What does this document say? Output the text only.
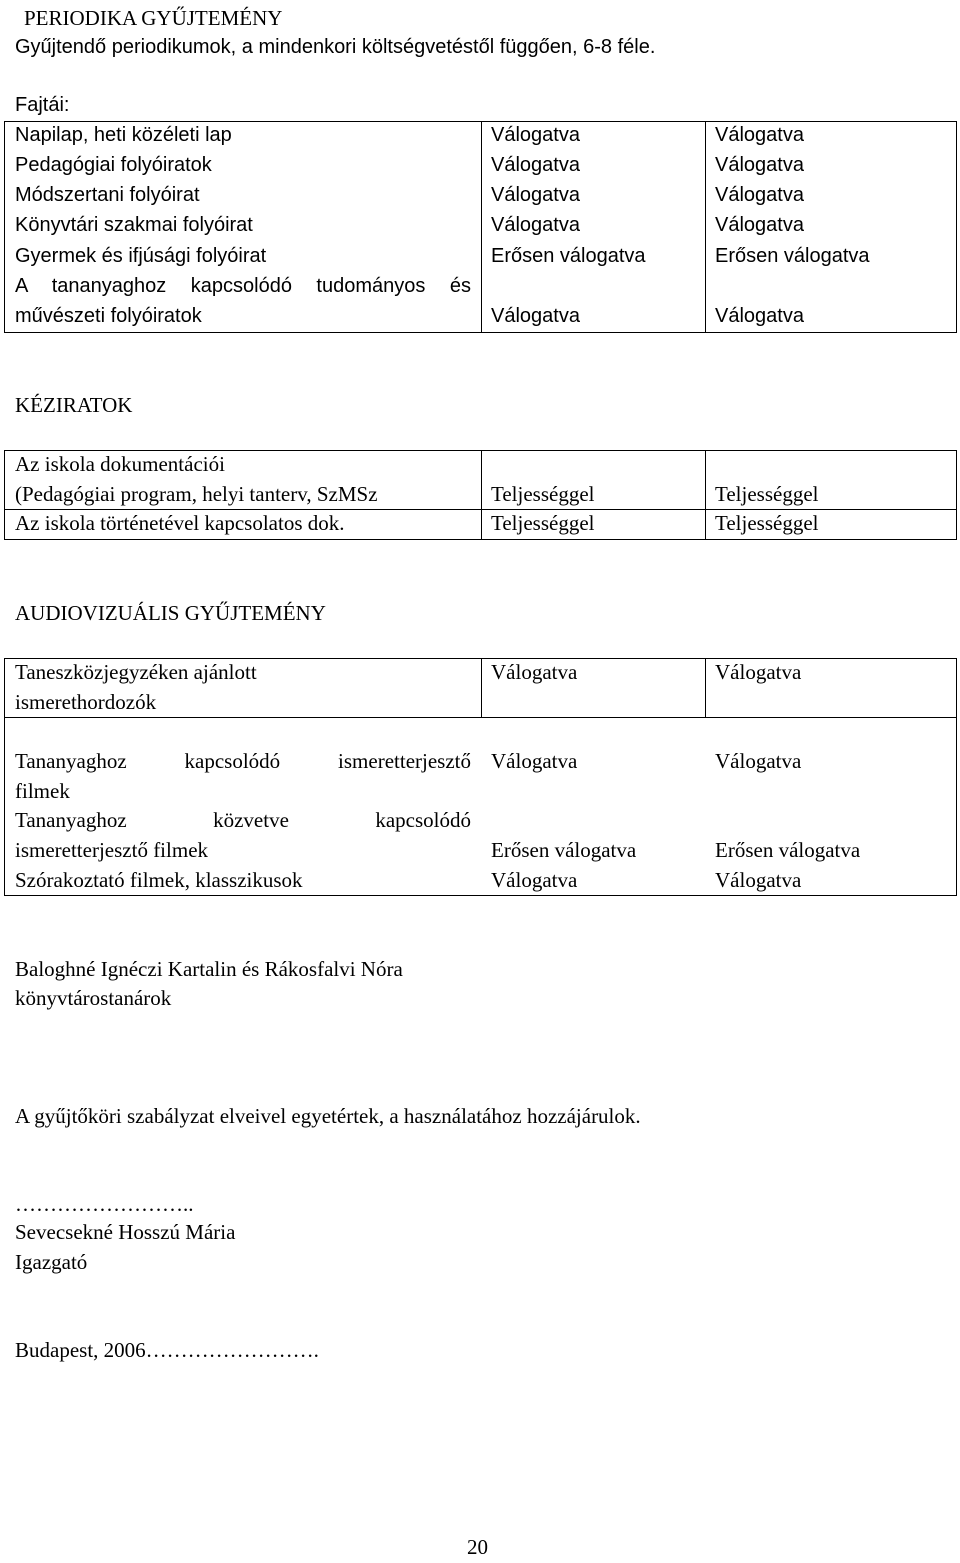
PERIODIKA GYŰJTEMÉNY
Gyűjtendő periodikumok, a mindenkori költségvetéstől függően, 6-8 féle.
Fajtái:
Napilap, heti közéleti lap	Válogatva	Válogatva
Pedagógiai folyóiratok	Válogatva	Válogatva
Módszertani folyóirat	Válogatva	Válogatva
Könyvtári szakmai folyóirat	Válogatva	Válogatva
Gyermek és ifjúsági folyóirat	Erősen válogatva	Erősen válogatva
A tananyaghoz kapcsolódó tudományos és
művészeti folyóiratok	Válogatva	Válogatva
KÉZIRATOK
Az iskola dokumentációi
(Pedagógiai program, helyi tanterv, SzMSz	Teljességgel	Teljességgel
Az iskola történetével kapcsolatos dok.	Teljességgel	Teljességgel
AUDIOVIZUÁLIS GYŰJTEMÉNY
Taneszközjegyzéken ajánlott
ismerethordozók
Válogatva	Válogatva
Tananyaghoz kapcsolódó ismeretterjesztő
filmek
Válogatva	Válogatva
Tananyaghoz közvetve kapcsolódó
ismeretterjesztő filmek	Erősen válogatva	Erősen válogatva
Szórakoztató filmek, klasszikusok	Válogatva	Válogatva
Baloghné Ignéczi Kartalin és Rákosfalvi Nóra
könyvtárostanárok
A gyűjtőköri szabályzat elveivel egyetértek, a használatához hozzájárulok.
……………………..
Sevecsekné Hosszú Mária
Igazgató
Budapest, 2006…………………….
20
